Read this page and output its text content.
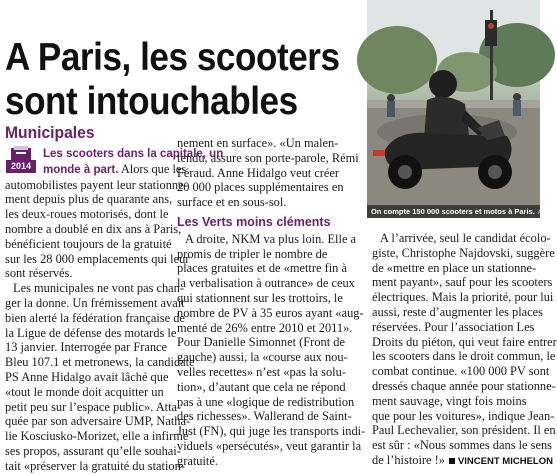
A Paris, les scooters
sont intouchables
On compte 150 000 scooters et motos à Paris. AFP
Municipales
2014

Les scooters dans la capitale, un

monde à part. Alors que les

automobilistes payent leur stationne-

ment depuis plus de quarante ans,

les deux-roues motorisés, dont le

nombre a doublé en dix ans à Paris,

bénéficient toujours de la gratuité

sur les 28 000 emplacements qui leur

sont réservés.

Les municipales ne vont pas chan-

ger la donne. Un frémissement avait

bien alerté la fédération française de

la Ligue de défense des motards le

13 janvier. Interrogée par France

Bleu 107.1 et metronews, la candidate

PS Anne Hidalgo avait lâché que

«tout le monde doit acquitter un

petit peu sur l’espace public». Atta-

quée par son adversaire UMP, Natha-

lie Kosciusko-Morizet, elle a infirmé

ses propos, assurant qu’elle souhai-

tait «préserver la gratuité du station-

nement en surface». «Un malen-

tendu, assure son porte-parole, Rémi

Féraud. Anne Hidalgo veut créer

20 000 places supplémentaires en

surface et en sous-sol.

Les Verts moins cléments

A droite, NKM va plus loin. Elle a

promis de tripler le nombre de

places gratuites et de «mettre fin à

la verbalisation à outrance» de ceux

qui stationnent sur les trottoirs, le

nombre de PV à 35 euros ayant «aug-

menté de 26% entre 2010 et 2011».

Pour Danielle Simonnet (Front de

gauche) aussi, la «course aux nou-

velles recettes» n’est «pas la solu-

tion», d’autant que cela ne répond

pas à une «logique de redistribution

des richesses». Wallerand de Saint-

Just (FN), qui juge les transports indi-

viduels «persécutés», veut garantir la

gratuité.

A l’arrivée, seul le candidat écolo-

giste, Christophe Najdovski, suggère

de «mettre en place un stationne-

ment payant», sauf pour les scooters

électriques. Mais la priorité, pour lui

aussi, reste d’augmenter les places

réservées. Pour l’association Les

Droits du piéton, qui veut faire entrer

les scooters dans le droit commun, le

combat continue. «100 000 PV sont

dressés chaque année pour stationne-

ment sauvage, vingt fois moins

que pour les voitures», indique Jean-

Paul Lechevalier, son président. Il en

est sûr : «Nous sommes dans le sens

de l’histoire !» VINCENT MICHELON
